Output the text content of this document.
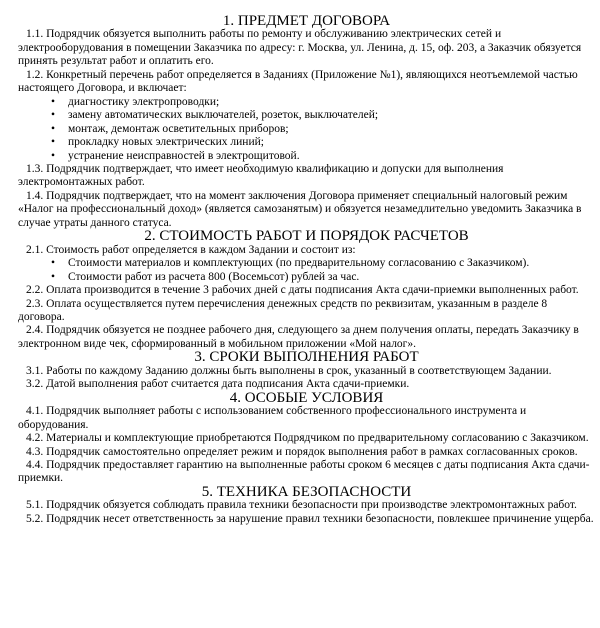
1. ПРЕДМЕТ ДОГОВОРА

1.1. Подрядчик обязуется выполнить работы по ремонту и обслуживанию электрических сетей и электрооборудования в помещении Заказчика по адресу: г. Москва, ул. Ленина, д. 15, оф. 203, а Заказчик обязуется принять результат работ и оплатить его.

1.2. Конкретный перечень работ определяется в Заданиях (Приложение №1), являющихся неотъемлемой частью настоящего Договора, и включает:

• диагностику электропроводки;
• замену автоматических выключателей, розеток, выключателей;
• монтаж, демонтаж осветительных приборов;
• прокладку новых электрических линий;
• устранение неисправностей в электрощитовой.

1.3. Подрядчик подтверждает, что имеет необходимую квалификацию и допуски для выполнения электромонтажных работ.

1.4. Подрядчик подтверждает, что на момент заключения Договора применяет специальный налоговый режим «Налог на профессиональный доход» (является самозанятым) и обязуется незамедлительно уведомить Заказчика в случае утраты данного статуса.

2. СТОИМОСТЬ РАБОТ И ПОРЯДОК РАСЧЕТОВ

2.1. Стоимость работ определяется в каждом Задании и состоит из:

• Стоимости материалов и комплектующих (по предварительному согласованию с Заказчиком).
• Стоимости работ из расчета 800 (Восемьсот) рублей за час.

2.2. Оплата производится в течение 3 рабочих дней с даты подписания Акта сдачи-приемки выполненных работ.

2.3. Оплата осуществляется путем перечисления денежных средств по реквизитам, указанным в разделе 8 договора.

2.4. Подрядчик обязуется не позднее рабочего дня, следующего за днем получения оплаты, передать Заказчику в электронном виде чек, сформированный в мобильном приложении «Мой налог».

3. СРОКИ ВЫПОЛНЕНИЯ РАБОТ

3.1. Работы по каждому Заданию должны быть выполнены в срок, указанный в соответствующем Задании.

3.2. Датой выполнения работ считается дата подписания Акта сдачи-приемки.

4. ОСОБЫЕ УСЛОВИЯ

4.1. Подрядчик выполняет работы с использованием собственного профессионального инструмента и оборудования.

4.2. Материалы и комплектующие приобретаются Подрядчиком по предварительному согласованию с Заказчиком.

4.3. Подрядчик самостоятельно определяет режим и порядок выполнения работ в рамках согласованных сроков.

4.4. Подрядчик предоставляет гарантию на выполненные работы сроком 6 месяцев с даты подписания Акта сдачи-приемки.

5. ТЕХНИКА БЕЗОПАСНОСТИ

5.1. Подрядчик обязуется соблюдать правила техники безопасности при производстве электромонтажных работ.

5.2. Подрядчик несет ответственность за нарушение правил техники безопасности, повлекшее причинение ущерба.
